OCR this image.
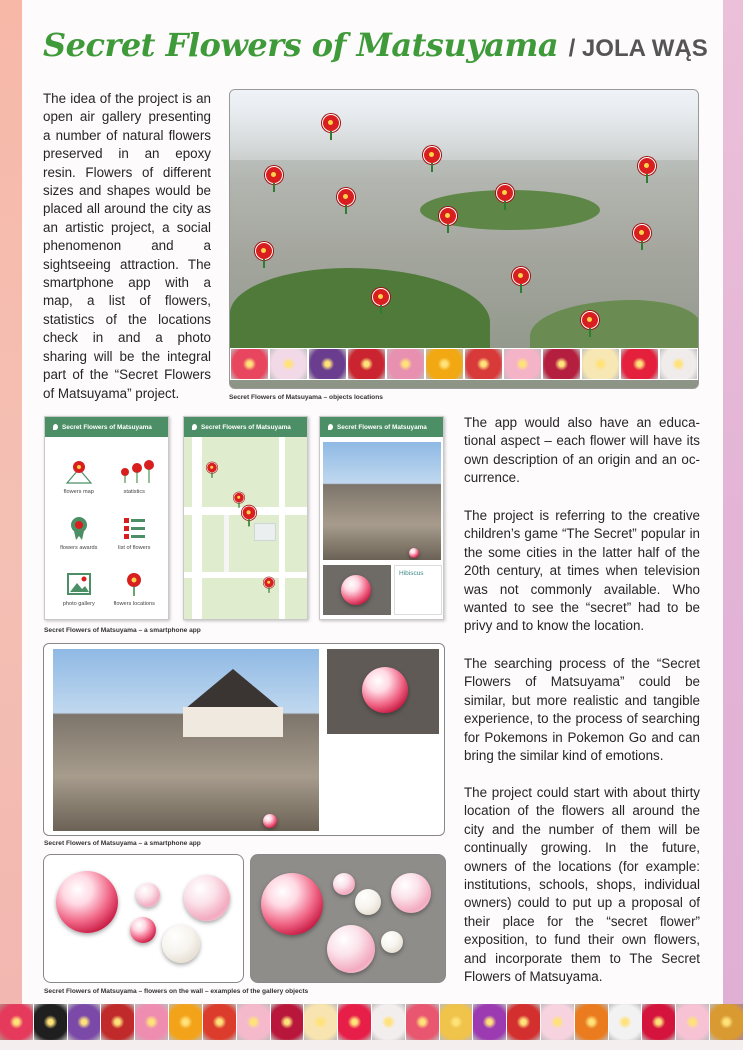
Secret Flowers of Matsuyama / JOLA WĄS

The idea of the project is an open air gallery presenting a number of natural flowers preserved in an epoxy resin. Flowers of different sizes and shapes would be placed all around the city as an artistic project, a social phenomenon and a sightseeing attraction. The smartphone app with a map, a list of flowers, statistics of the locations check in and a photo sharing will be the integral part of the “Secret Flowers of Matsuyama” project.	Secret Flowers of Matsuyama – objects locations
Secret Flowers of Matsuyama
flowers map	statistics
flowers awards	list of flowers
photo gallery	flowers locations
Secret Flowers of Matsuyama	Secret Flowers of Matsuyama
Hibiscus
Secret Flowers of Matsuyama – a smartphone app
Secret Flowers of Matsuyama – a smartphone app
Secret Flowers of Matsuyama – flowers on the wall – examples of the gallery objects

The app would also have an educa-tional aspect – each flower will have its own description of an origin and an oc-currence.

The project is referring to the creative children’s game “The Secret” popular in the some cities in the latter half of the 20th century, at times when television was not commonly available. Who wanted to see the “secret” had to be privy and to know the location.

The searching process of the “Secret Flowers of Matsuyama” could be similar, but more realistic and tangible experience, to the process of searching for Pokemons in Pokemon Go and can bring the similar kind of emotions.

The project could start with about thirty location of the flowers all around the city and the number of them will be continually growing. In the future, owners of the locations (for example: institutions, schools, shops, individual owners) could to put up a proposal of their place for the “secret flower” exposition, to fund their own flowers, and incorporate them to The Secret Flowers of Matsuyama.
